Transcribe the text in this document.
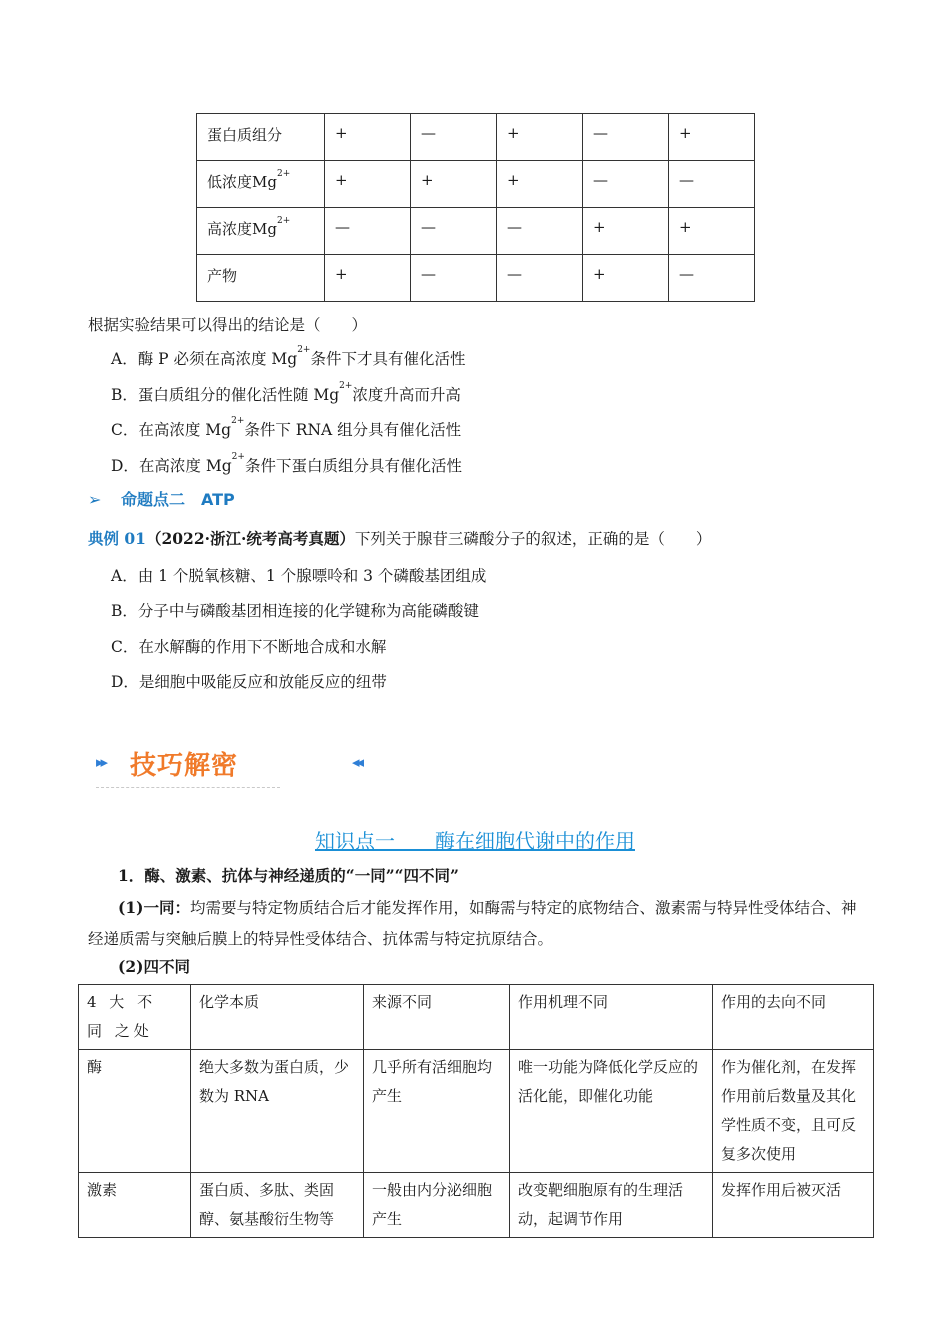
蛋白质组分	+	—	+	—	+
低浓度$Mg^{2+}$	+	+	+	—	—
高浓度$Mg^{2+}$	—	—	—	+	+
产物	+	—	—	+	—
根据实验结果可以得出的结论是（　　）
A．酶 P 必须在高浓度 $Mg^{2+}$条件下才具有催化活性
B．蛋白质组分的催化活性随 $Mg^{2+}$浓度升高而升高
C．在高浓度 $Mg^{2+}$条件下 RNA 组分具有催化活性
D．在高浓度 $Mg^{2+}$条件下蛋白质组分具有催化活性
➢ 命题点二　ATP
典例 01（2022·浙江·统考高考真题）下列关于腺苷三磷酸分子的叙述，正确的是（　　）
A．由 1 个脱氧核糖、1 个腺嘌呤和 3 个磷酸基团组成
B．分子中与磷酸基团相连接的化学键称为高能磷酸键
C．在水解酶的作用下不断地合成和水解
D．是细胞中吸能反应和放能反应的纽带
▸▸ 技巧解密	◂◂
知识点一　　酶在细胞代谢中的作用
1．酶、激素、抗体与神经递质的“一同”“四不同”
(1)一同：均需要与特定物质结合后才能发挥作用，如酶需与特定的底物结合、激素需与特异性受体结合、神经递质需与突触后膜上的特异性受体结合、抗体需与特定抗原结合。
(2)四不同
4 大 不 同 之处	化学本质	来源不同	作用机理不同	作用的去向不同
酶	绝大多数为蛋白质，少数为 RNA	几乎所有活细胞均产生	唯一功能为降低化学反应的活化能，即催化功能	作为催化剂，在发挥作用前后数量及其化学性质不变，且可反复多次使用
激素	蛋白质、多肽、类固醇、氨基酸衍生物等	一般由内分泌细胞产生	改变靶细胞原有的生理活动，起调节作用	发挥作用后被灭活
